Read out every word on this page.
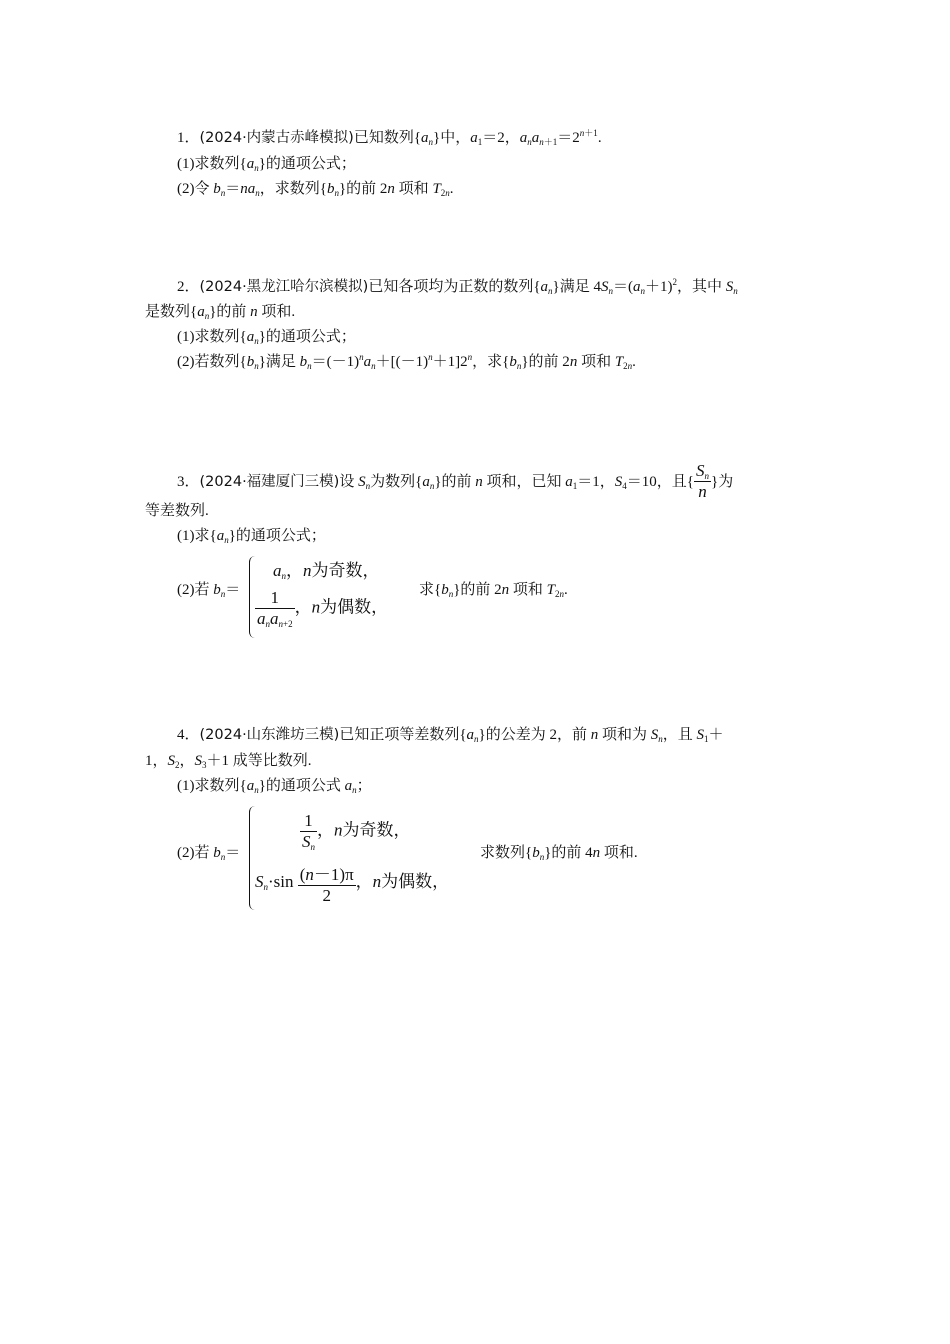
1．(2024·内蒙古赤峰模拟)已知数列$\{a_n\}$中，$a_1=2$，$a_na_{n+1}=2^{n+1}$.
(1)求数列$\{a_n\}$的通项公式；
(2)令 $b_n=na_n$，求数列$\{b_n\}$的前 2n 项和 $T_{2n}$.
2．(2024·黑龙江哈尔滨模拟)已知各项均为正数的数列$\{a_n\}$满足 $4S_n=(a_n+1)^2$，其中 $S_n$
是数列$\{a_n\}$的前 n 项和.
(1)求数列$\{a_n\}$的通项公式；
(2)若数列$\{b_n\}$满足 $b_n=(-1)^na_n+[(-1)^n+1]2^n$，求$\{b_n\}$的前 2n 项和 $T_{2n}$.
3．(2024·福建厦门三模)设 $S_n$为数列$\{a_n\}$的前 n 项和，已知 $a_1=1$，$S_4=10$，且{ $\frac{S_n}{n}$ }为
等差数列.
(1)求$\{a_n\}$的通项公式；
(2)若 $b_n=$
$a_n$，n为奇数，
$\frac{1}{a_na_{n+2}}$ ，n为偶数，
求$\{b_n\}$的前 2n 项和 $T_{2n}$.
4．(2024·山东潍坊三模)已知正项等差数列$\{a_n\}$的公差为 2，前 n 项和为 $S_n$，且 $S_1+$
1，$S_2$，$S_3+1$ 成等比数列.
(1)求数列$\{a_n\}$的通项公式 $a_n$；
(2)若 $b_n=$
$\frac{1}{S_n}$ ，n为奇数，
$S_n\cdot\sin \frac{(n-1)\pi}{2}$ ，n为偶数，
求数列$\{b_n\}$的前 4n 项和.
